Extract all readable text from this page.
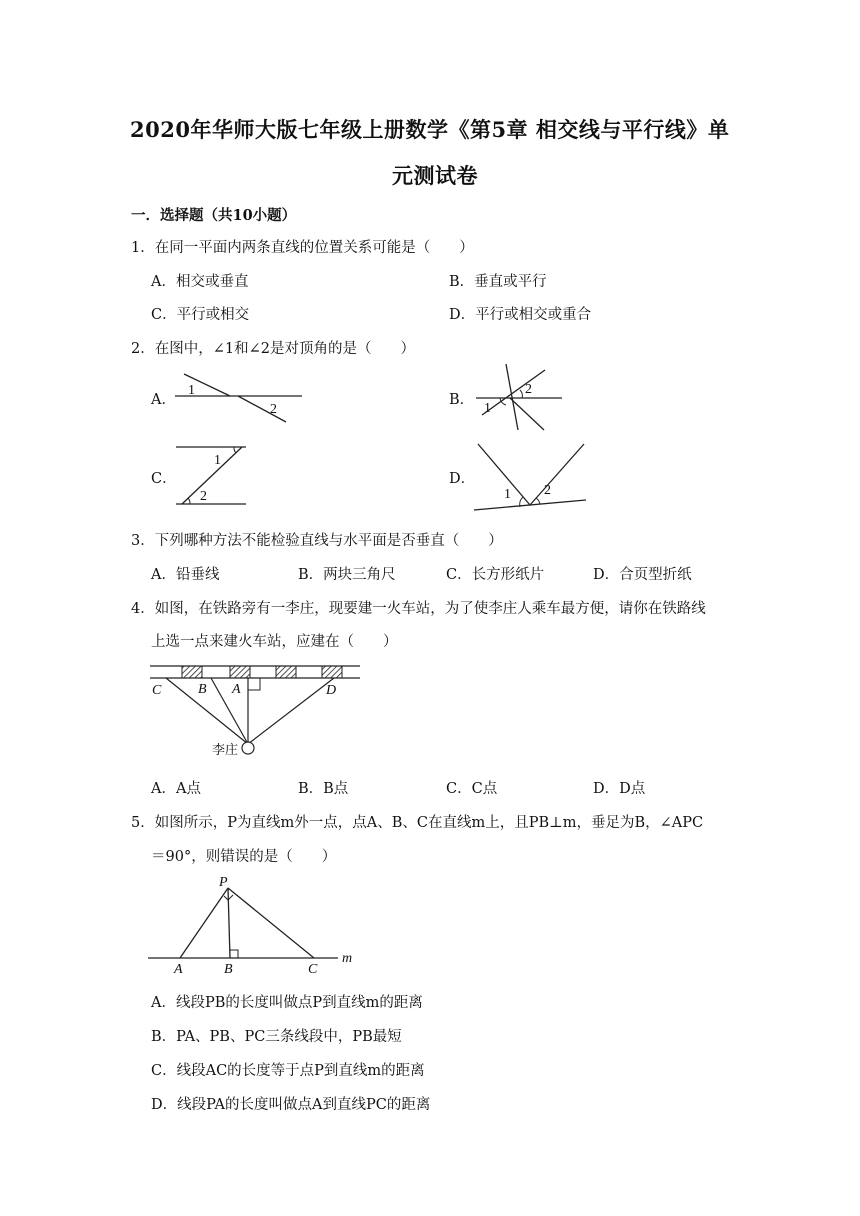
2020年华师大版七年级上册数学《第5章 相交线与平行线》单
元测试卷
一．选择题（共10小题）
1．在同一平面内两条直线的位置关系可能是（　　）
A．相交或垂直	B．垂直或平行
C．平行或相交	D．平行或相交或重合
2．在图中，∠1和∠2是对顶角的是（　　）
A．	B．
C．	D．
1
2	1
2
1
2	1 2
3．下列哪种方法不能检验直线与水平面是否垂直（　　）
A．铅垂线	B．两块三角尺	C．长方形纸片	D．合页型折纸
4．如图，在铁路旁有一李庄，现要建一火车站，为了使李庄人乘车最方便，请你在铁路线
上选一点来建火车站，应建在（　　）
C	B A	D
李庄
A．A点	B．B点	C．C点	D．D点
5．如图所示，P为直线m外一点，点A、B、C在直线m上，且PB⊥m，垂足为B，∠APC
＝90°，则错误的是（　　）
P
A	B	C
m
A．线段PB的长度叫做点P到直线m的距离
B．PA、PB、PC三条线段中，PB最短
C．线段AC的长度等于点P到直线m的距离
D．线段PA的长度叫做点A到直线PC的距离
